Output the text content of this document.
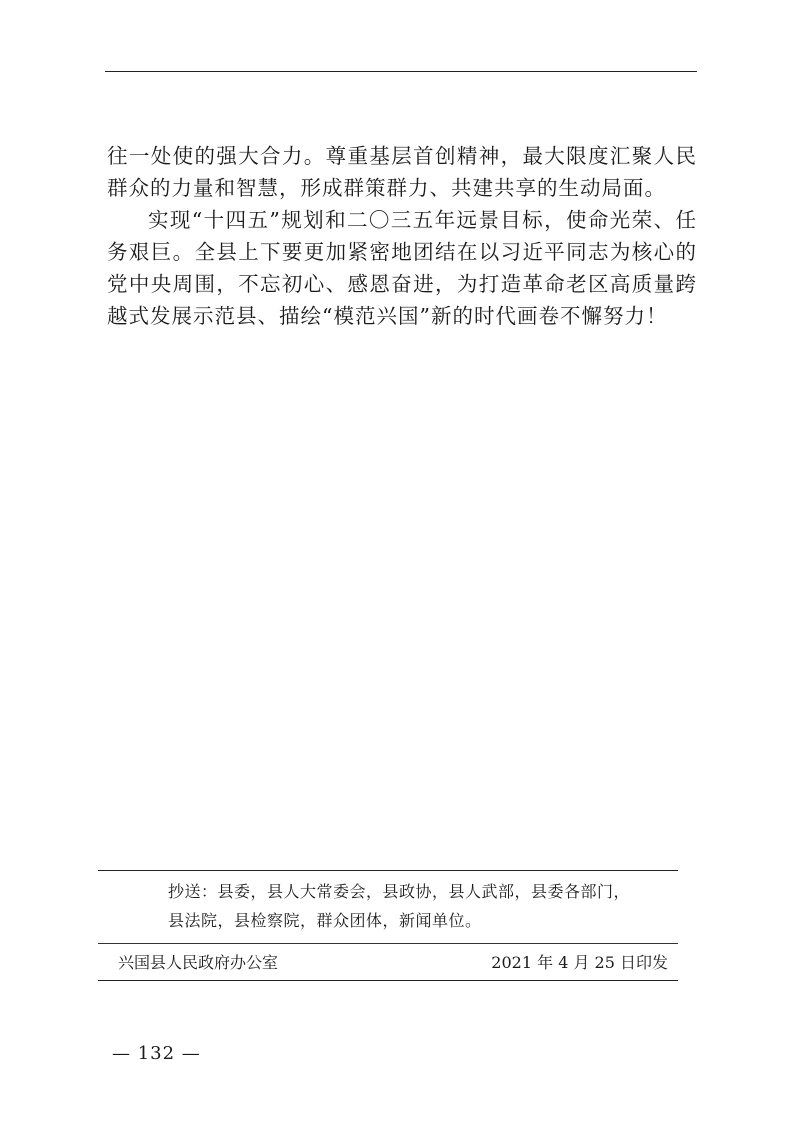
往一处使的强大合力。尊重基层首创精神，最大限度汇聚人民群众的力量和智慧，形成群策群力、共建共享的生动局面。

实现“十四五”规划和二〇三五年远景目标，使命光荣、任务艰巨。全县上下要更加紧密地团结在以习近平同志为核心的党中央周围，不忘初心、感恩奋进，为打造革命老区高质量跨越式发展示范县、描绘“模范兴国”新的时代画卷不懈努力！

抄送：县委，县人大常委会，县政协，县人武部，县委各部门，
县法院，县检察院，群众团体，新闻单位。
兴国县人民政府办公室	2021 年 4 月 25 日印发
— 132 —
